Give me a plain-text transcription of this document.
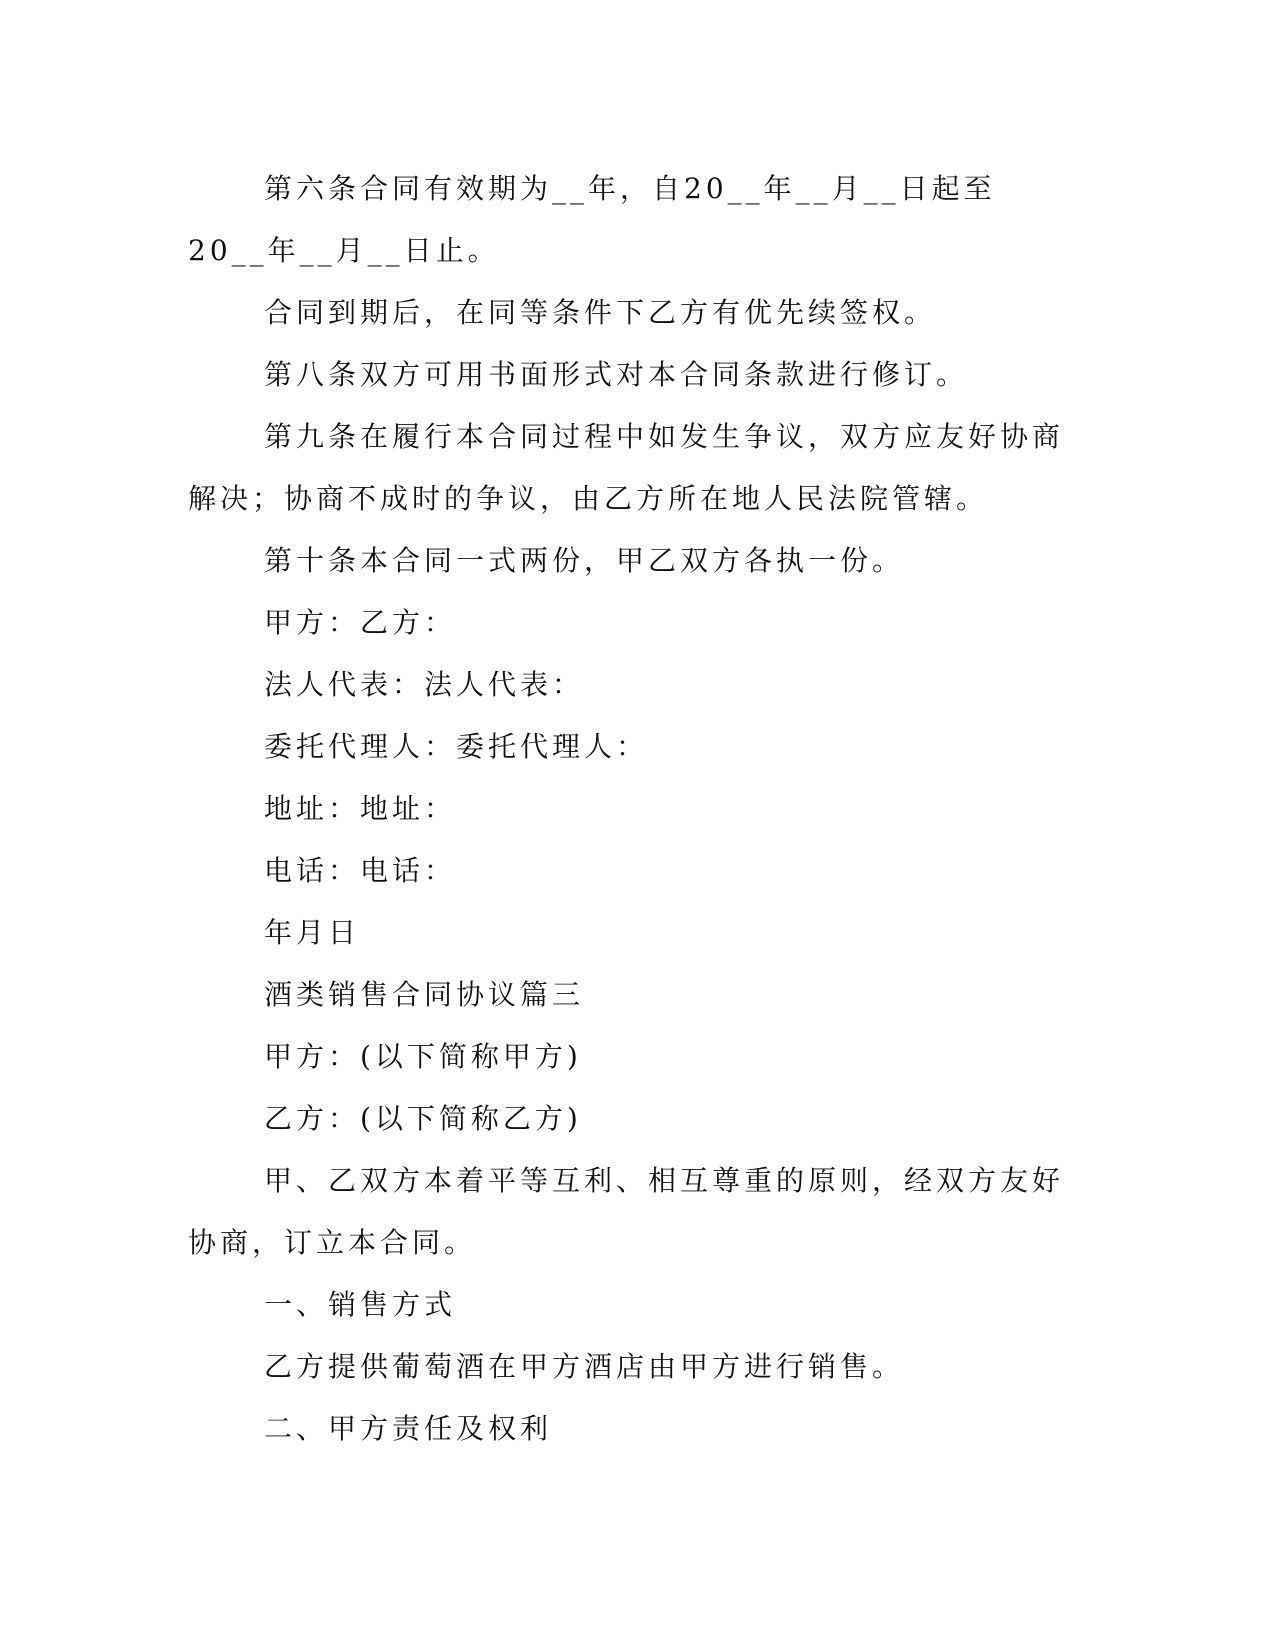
第六条合同有效期为__年，自20__年__月__日起至20__年__月__日止。

合同到期后，在同等条件下乙方有优先续签权。

第八条双方可用书面形式对本合同条款进行修订。

第九条在履行本合同过程中如发生争议，双方应友好协商解决；协商不成时的争议，由乙方所在地人民法院管辖。

第十条本合同一式两份，甲乙双方各执一份。

甲方：乙方：

法人代表：法人代表：

委托代理人：委托代理人：

地址：地址：

电话：电话：

年月日

酒类销售合同协议篇三

甲方：(以下简称甲方)

乙方：(以下简称乙方)

甲、乙双方本着平等互利、相互尊重的原则，经双方友好协商，订立本合同。

一、销售方式

乙方提供葡萄酒在甲方酒店由甲方进行销售。

二、甲方责任及权利
